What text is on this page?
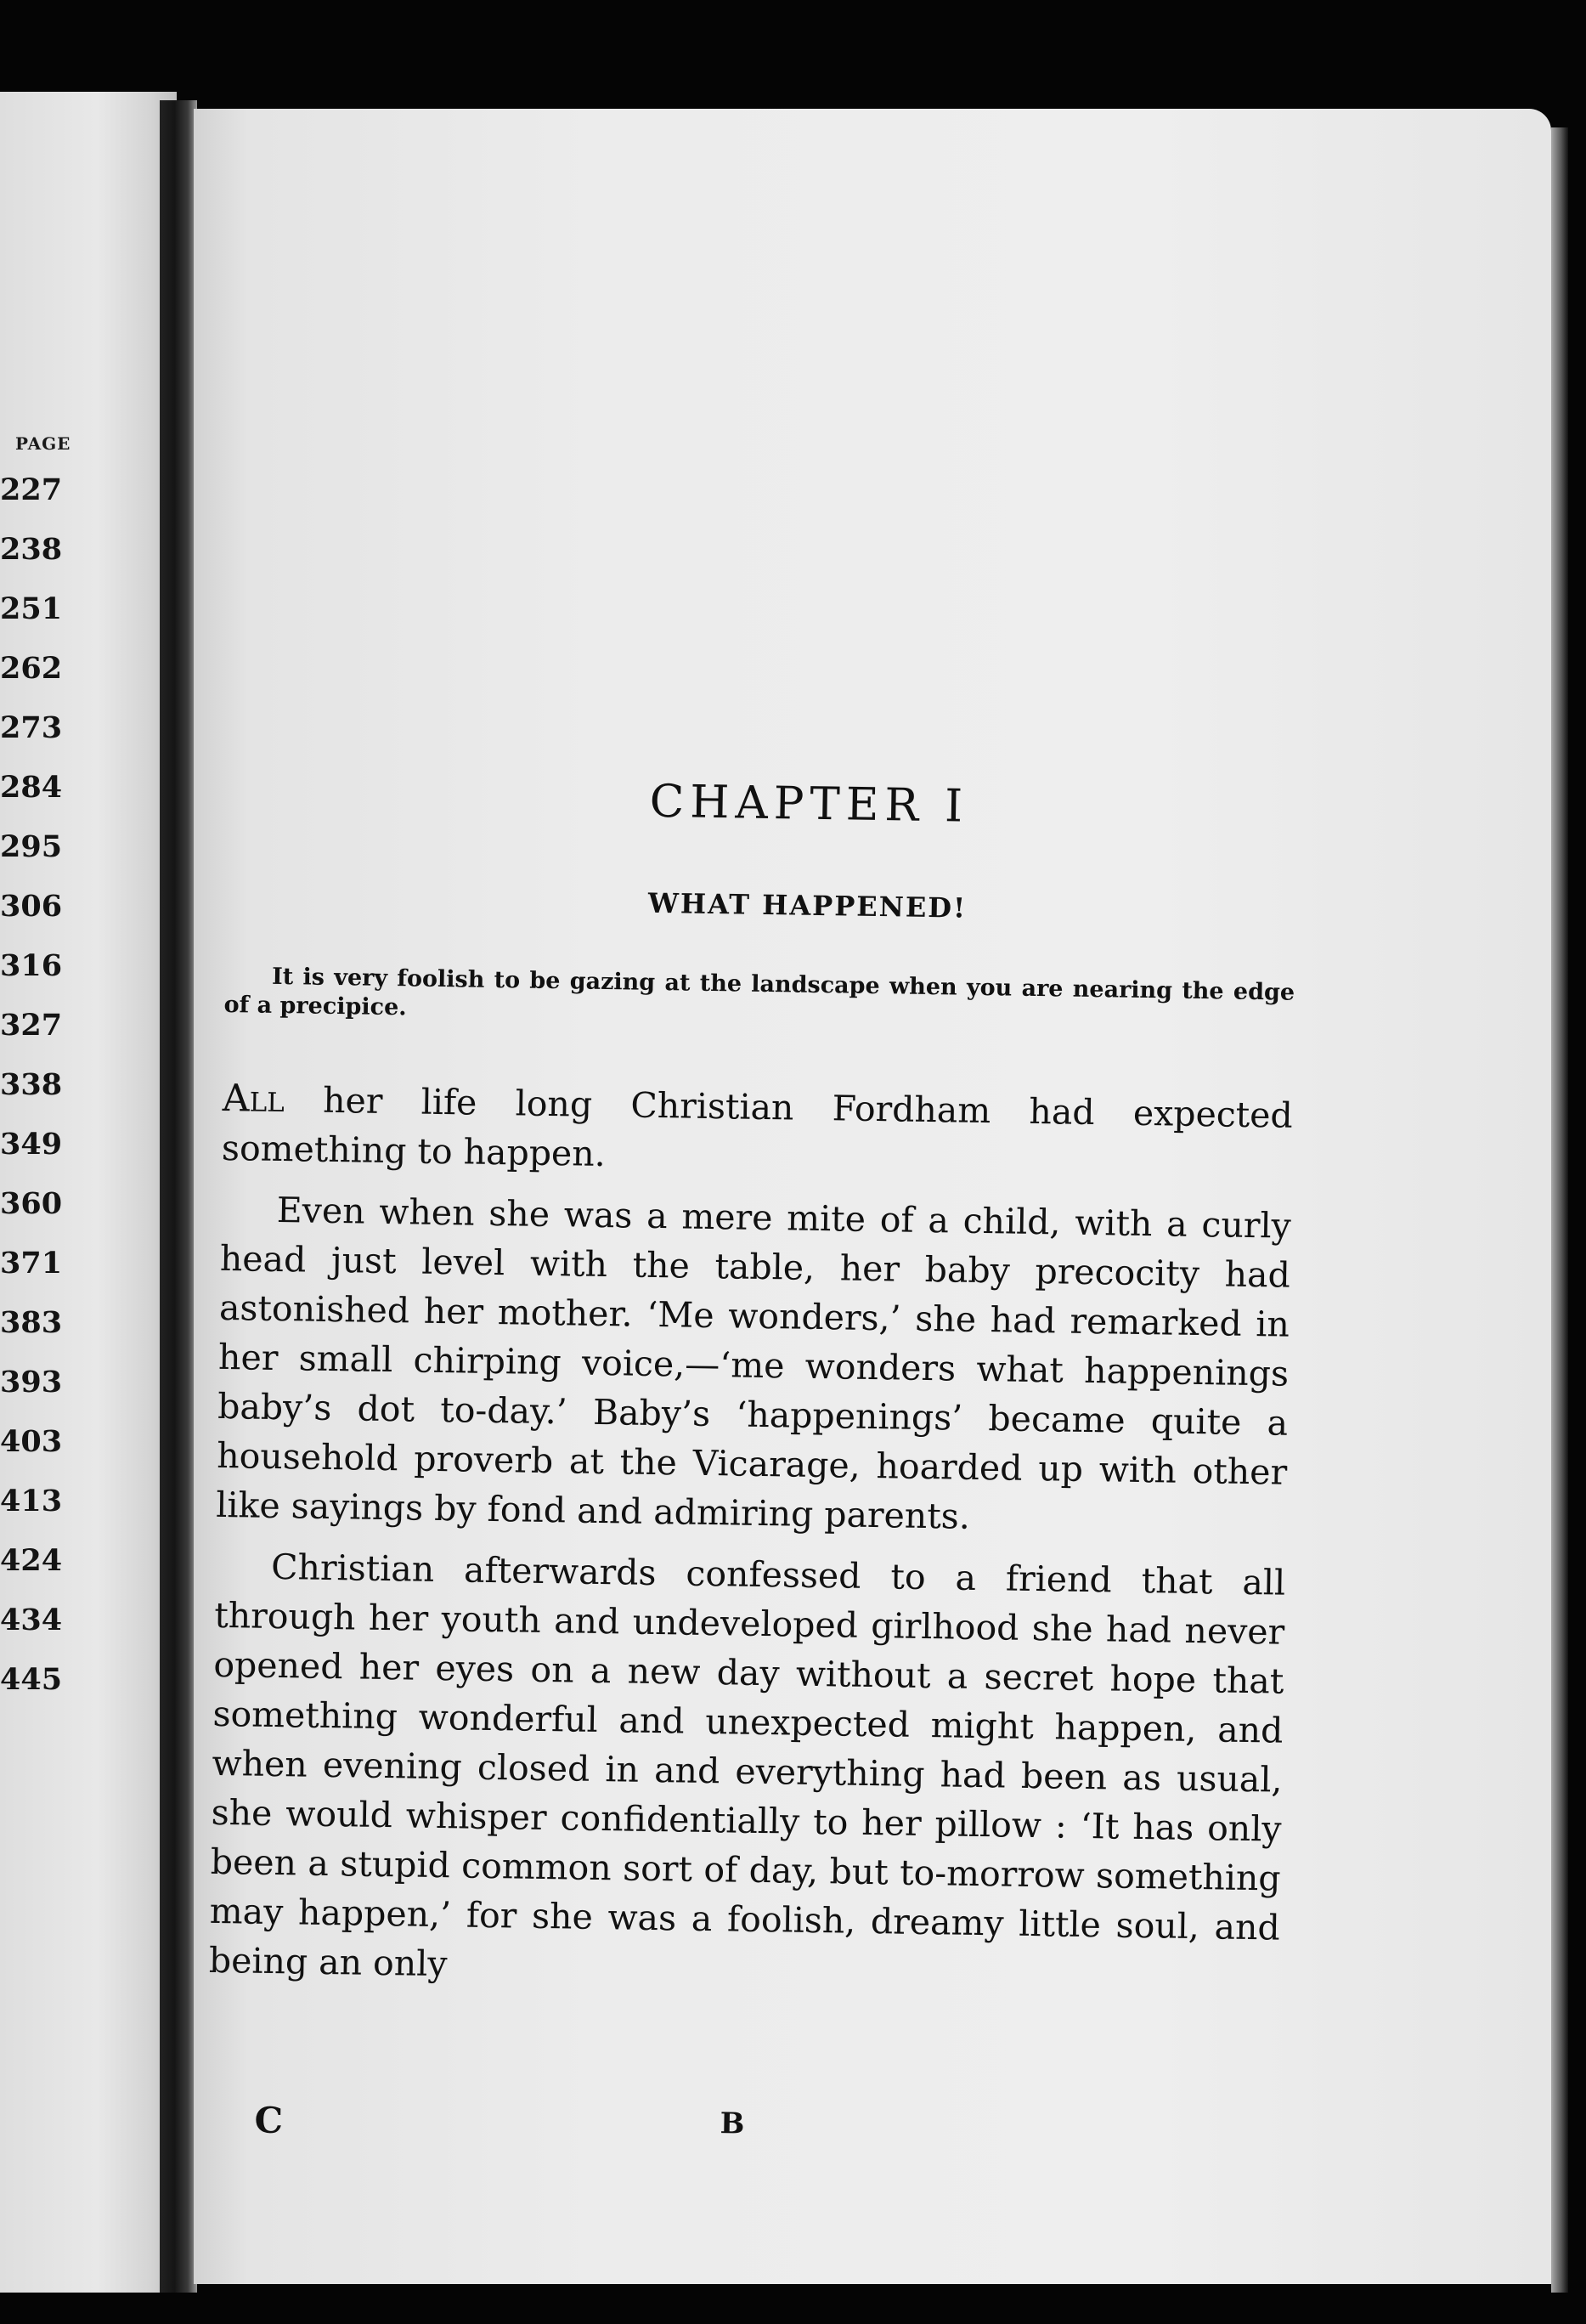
PAGE
227
238
251
262
273
284
295
306
316
327
338
349
360
371
383
393
403
413
424
434
445
CHAPTER I
WHAT HAPPENED!

It is very foolish to be gazing at the landscape when you are nearing the edge of a precipice.

All her life long Christian Fordham had expected something to happen.

Even when she was a mere mite of a child, with a curly head just level with the table, her baby precocity had astonished her mother. ‘Me wonders,’ she had remarked in her small chirping voice,—‘me wonders what happenings baby’s dot to-day.’ Baby’s ‘happenings’ became quite a household proverb at the Vicarage, hoarded up with other like sayings by fond and admiring parents.

Christian afterwards confessed to a friend that all through her youth and undeveloped girlhood she had never opened her eyes on a new day without a secret hope that something wonderful and unexpected might happen, and when evening closed in and everything had been as usual, she would whisper confidentially to her pillow : ‘It has only been a stupid common sort of day, but to-morrow something may happen,’ for she was a foolish, dreamy little soul, and being an only

C	B
